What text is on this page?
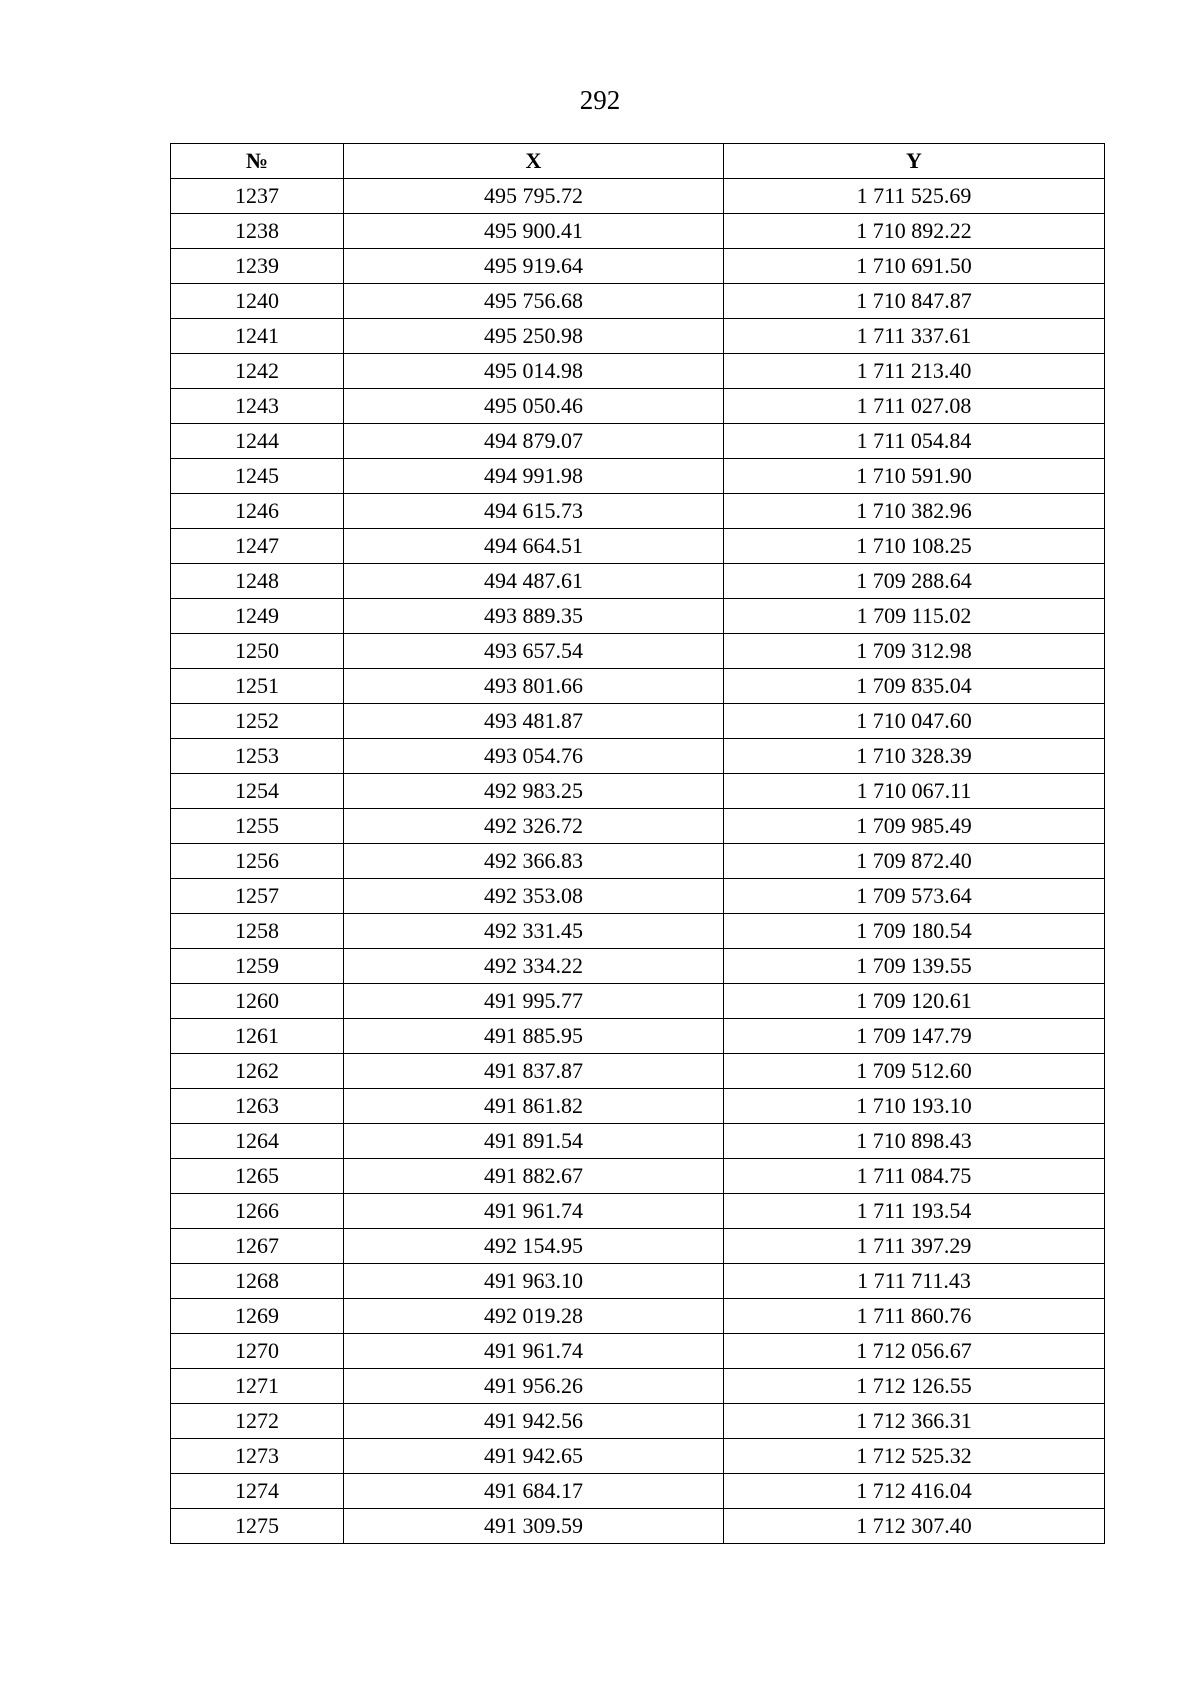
292
№	X	Y
1237	495 795.72	1 711 525.69
1238	495 900.41	1 710 892.22
1239	495 919.64	1 710 691.50
1240	495 756.68	1 710 847.87
1241	495 250.98	1 711 337.61
1242	495 014.98	1 711 213.40
1243	495 050.46	1 711 027.08
1244	494 879.07	1 711 054.84
1245	494 991.98	1 710 591.90
1246	494 615.73	1 710 382.96
1247	494 664.51	1 710 108.25
1248	494 487.61	1 709 288.64
1249	493 889.35	1 709 115.02
1250	493 657.54	1 709 312.98
1251	493 801.66	1 709 835.04
1252	493 481.87	1 710 047.60
1253	493 054.76	1 710 328.39
1254	492 983.25	1 710 067.11
1255	492 326.72	1 709 985.49
1256	492 366.83	1 709 872.40
1257	492 353.08	1 709 573.64
1258	492 331.45	1 709 180.54
1259	492 334.22	1 709 139.55
1260	491 995.77	1 709 120.61
1261	491 885.95	1 709 147.79
1262	491 837.87	1 709 512.60
1263	491 861.82	1 710 193.10
1264	491 891.54	1 710 898.43
1265	491 882.67	1 711 084.75
1266	491 961.74	1 711 193.54
1267	492 154.95	1 711 397.29
1268	491 963.10	1 711 711.43
1269	492 019.28	1 711 860.76
1270	491 961.74	1 712 056.67
1271	491 956.26	1 712 126.55
1272	491 942.56	1 712 366.31
1273	491 942.65	1 712 525.32
1274	491 684.17	1 712 416.04
1275	491 309.59	1 712 307.40
